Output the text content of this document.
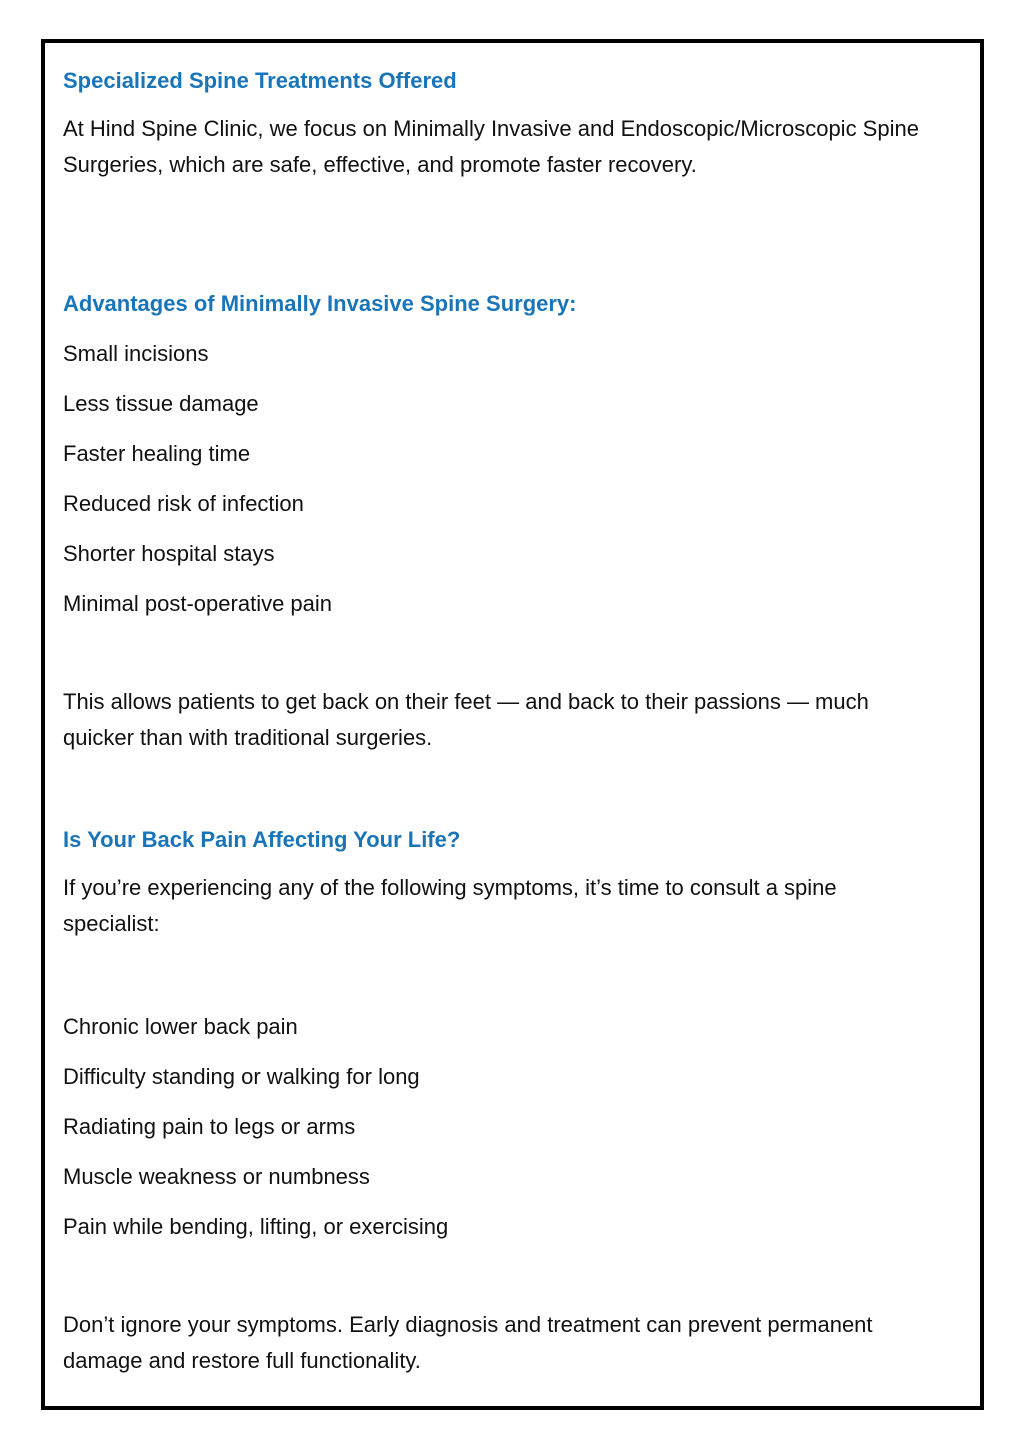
Specialized Spine Treatments Offered

At Hind Spine Clinic, we focus on Minimally Invasive and Endoscopic/Microscopic Spine Surgeries, which are safe, effective, and promote faster recovery.

Advantages of Minimally Invasive Spine Surgery:

Small incisions

Less tissue damage

Faster healing time

Reduced risk of infection

Shorter hospital stays

Minimal post-operative pain

This allows patients to get back on their feet — and back to their passions — much quicker than with traditional surgeries.

Is Your Back Pain Affecting Your Life?

If you’re experiencing any of the following symptoms, it’s time to consult a spine specialist:

Chronic lower back pain

Difficulty standing or walking for long

Radiating pain to legs or arms

Muscle weakness or numbness

Pain while bending, lifting, or exercising

Don’t ignore your symptoms. Early diagnosis and treatment can prevent permanent damage and restore full functionality.
